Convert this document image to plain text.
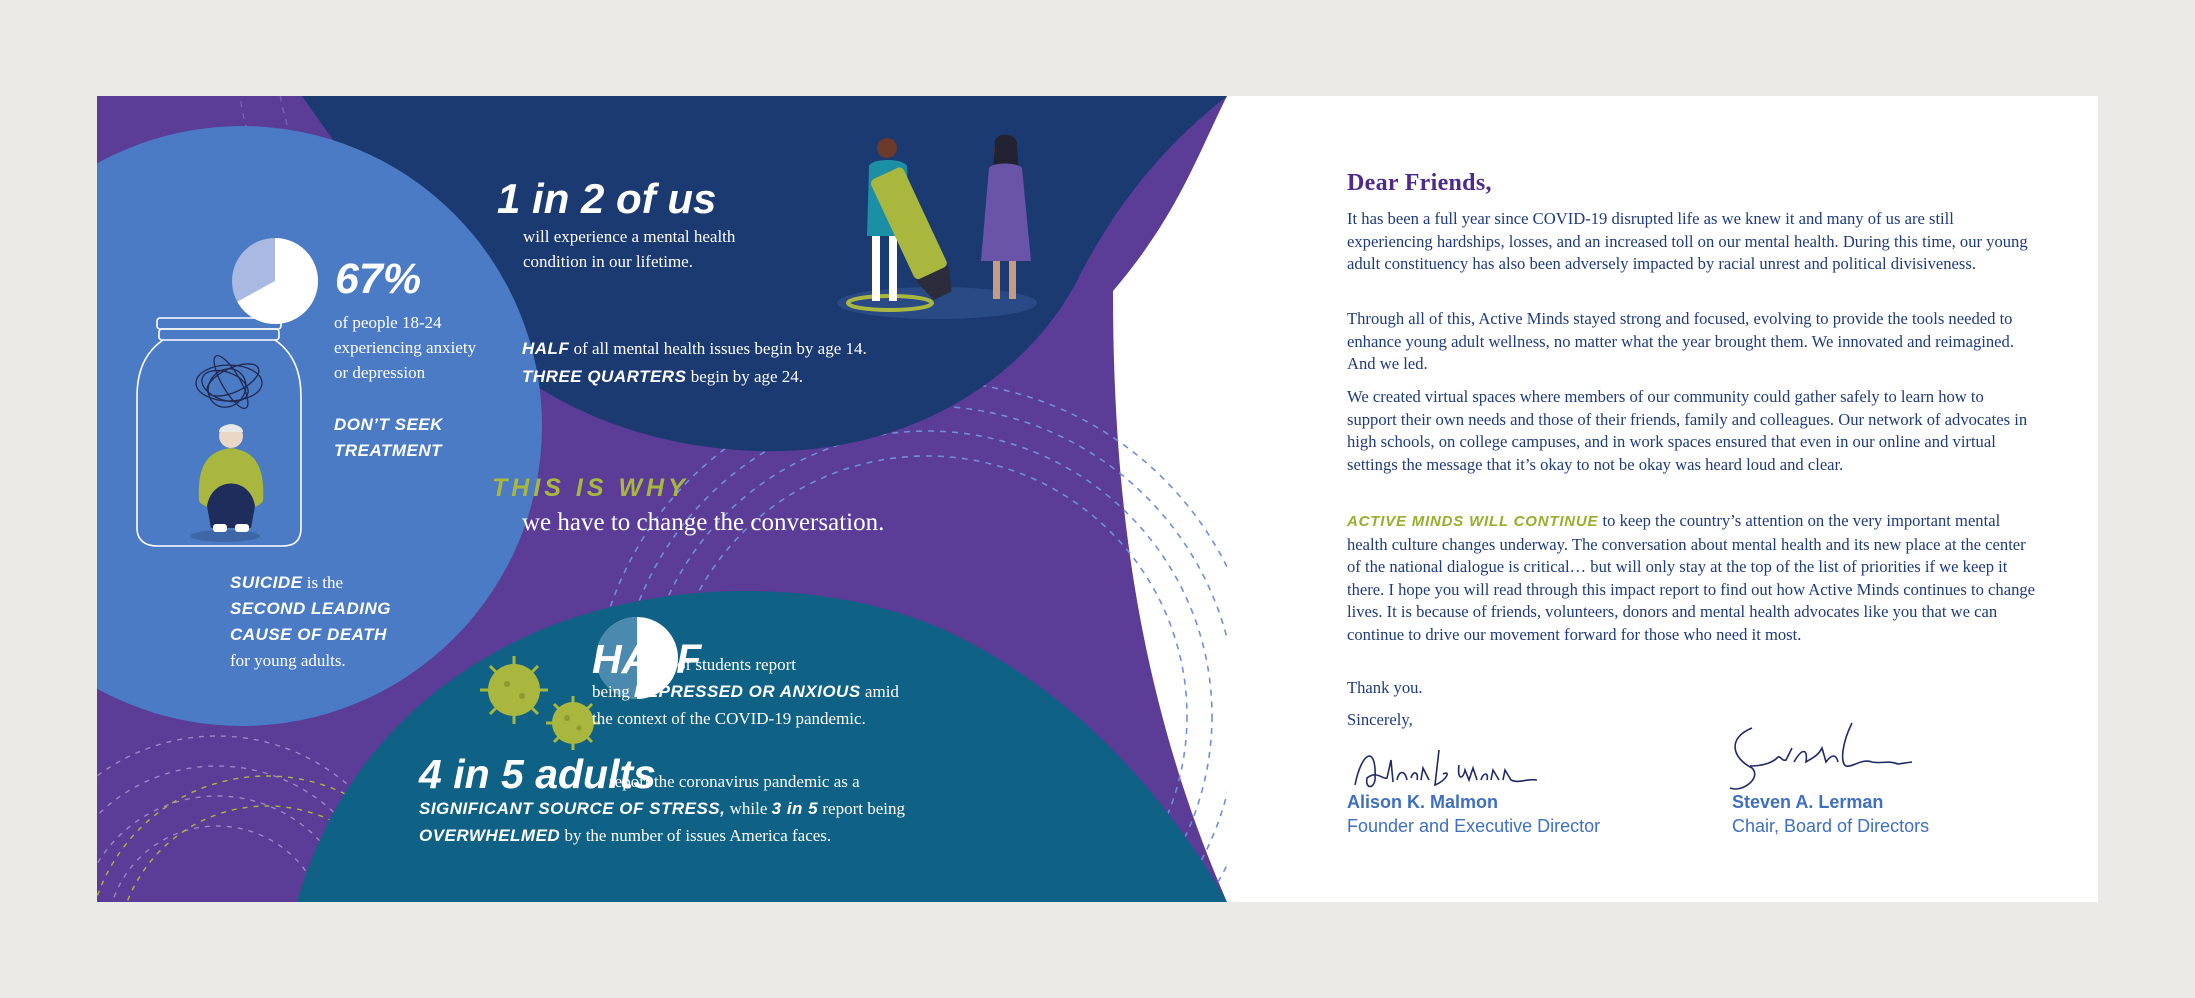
67%

of people 18-24 experiencing anxiety or depression

DON’T SEEK TREATMENT

SUICIDE is the
SECOND LEADING CAUSE OF DEATH
for young adults.

1 in 2 of us

will experience a mental health condition in our lifetime.

HALF of all mental health issues begin by age 14.

THREE QUARTERS begin by age 24.

THIS IS WHY

we have to change the conversation.

HALF

of students report

being DEPRESSED OR ANXIOUS amid

the context of the COVID-19 pandemic.

4 in 5 adults

report the coronavirus pandemic as a

SIGNIFICANT SOURCE OF STRESS, while 3 in 5 report being

OVERWHELMED by the number of issues America faces.

Dear Friends,

It has been a full year since COVID-19 disrupted life as we knew it and many of us are still experiencing hardships, losses, and an increased toll on our mental health. During this time, our young adult constituency has also been adversely impacted by racial unrest and political divisiveness.

Through all of this, Active Minds stayed strong and focused, evolving to provide the tools needed to enhance young adult wellness, no matter what the year brought them. We innovated and reimagined. And we led.

We created virtual spaces where members of our community could gather safely to learn how to support their own needs and those of their friends, family and colleagues. Our network of advocates in high schools, on college campuses, and in work spaces ensured that even in our online and virtual settings the message that it’s okay to not be okay was heard loud and clear.

ACTIVE MINDS WILL CONTINUE to keep the country’s attention on the very important mental health culture changes underway. The conversation about mental health and its new place at the center of the national dialogue is critical… but will only stay at the top of the list of priorities if we keep it there. I hope you will read through this impact report to find out how Active Minds continues to change lives. It is because of friends, volunteers, donors and mental health advocates like you that we can continue to drive our movement forward for those who need it most.

Thank you.

Sincerely,

Alison K. Malmon

Founder and Executive Director

Steven A. Lerman

Chair, Board of Directors
